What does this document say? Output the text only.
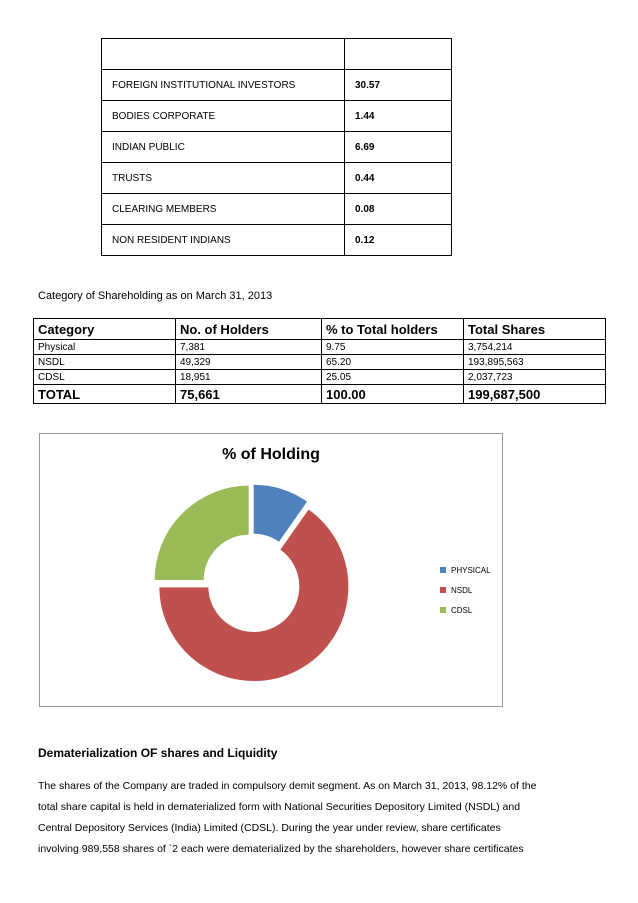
FOREIGN INSTITUTIONAL INVESTORS	30.57
BODIES CORPORATE	1.44
INDIAN PUBLIC	6.69
TRUSTS	0.44
CLEARING MEMBERS	0.08
NON RESIDENT INDIANS	0.12
Category of Shareholding as on March 31, 2013
Category	No. of Holders	% to Total holders	Total Shares
Physical	7,381	9.75	3,754,214
NSDL	49,329	65.20	193,895,563
CDSL	18,951	25.05	2,037,723
TOTAL	75,661	100.00	199,687,500
% of Holding
PHYSICAL
NSDL
CDSL
Dematerialization OF shares and Liquidity
The shares of the Company are traded in compulsory demit segment. As on March 31, 2013, 98.12% of the
total share capital is held in dematerialized form with National Securities Depository Limited (NSDL) and
Central Depository Services (India) Limited (CDSL). During the year under review, share certificates
involving 989,558 shares of `2 each were dematerialized by the shareholders, however share certificates
